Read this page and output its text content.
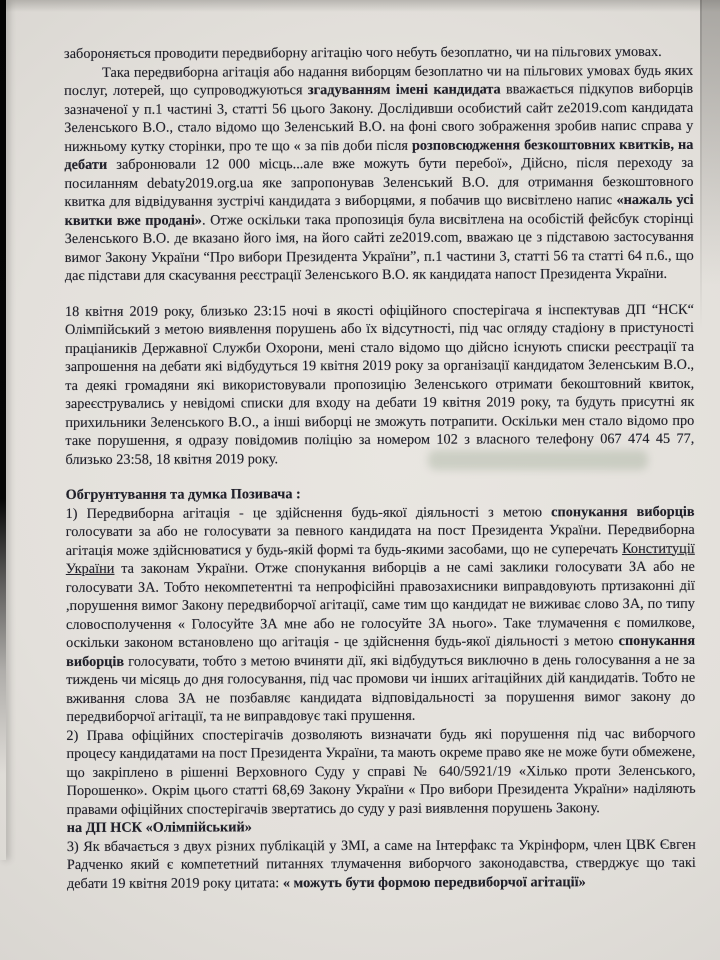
забороняється проводити передвиборну агітацію чого небуть безоплатно, чи на пільгових умовах.

Така передвиборна агітація або надання виборцям безоплатно чи на пільгових умовах будь яких послуг, лотерей, що супроводжуються згадуванням імені кандидата вважається підкупов виборців зазначеної у п.1 частині 3, статті 56 цього Закону. Дослідивши особистий сайт ze2019.com кандидата Зеленського В.О., стало відомо що Зеленський В.О. на фоні свого зображення зробив напис справа у нижньому кутку сторінки, про те що « за пів доби після розповсюдження безкоштовних квитків, на дебати забронювали 12 000 місць...але вже можуть бути перебої», Дійсно, після переходу за посиланням debaty2019.org.ua яке запропонував Зеленський В.О. для отримання безкоштовного квитка для відвідування зустрічі кандидата з виборцями, я побачив що висвітлено напис «нажаль усі квитки вже продані». Отже оскільки така пропозиція була висвітлена на особістій фейсбук сторінці Зеленського В.О. де вказано його імя, на його сайті ze2019.com, вважаю це з підставою застосування вимог Закону України “Про вибори Президента України”, п.1 частини 3, статті 56 та статті 64 п.6., що дає підстави для скасування реєстрації Зеленського В.О. як кандидата напост Президента України.

18 квітня 2019 року, близько 23:15 ночі в якості офіційного спостерігача я інспектував ДП “НСК“ Олімпійський з метою виявлення порушень або їх відсутності, під час огляду стадіону в пристуності праціаників Державної Служби Охорони, мені стало відомо що дійсно існують списки реєстрації та запрошення на дебати які відбудуться 19 квітня 2019 року за організації кандидатом Зеленським В.О., та деякі громадяни які використовували пропозицію Зеленського отримати бекоштовний квиток, зареєструвались у невідомі списки для входу на дебати 19 квітня 2019 року, та будуть присутні як прихильники Зеленського В.О., а інші виборці не зможуть потрапити. Оскільки мен стало відомо про таке порушення, я одразу повідомив поліцію за номером 102 з власного телефону 067 474 45 77, близько 23:58, 18 квітня 2019 року.

Обгрунтування та думка Позивача :

1) Передвиборна агітація - це здійснення будь-якої діяльності з метою спонукання виборців голосувати за або не голосувати за певного кандидата на пост Президента України. Передвиборна агітація може здійснюватися у будь-якій формі та будь-якими засобами, що не суперечать Конституції України та законам України. Отже спонукання виборців а не самі заклики голосувати ЗА або не голосувати ЗА. Тобто некомпетентні та непрофісійні правозахисники виправдовують пртизаконні дії ,порушення вимог Закону передвиборчої агітації, саме тим що кандидат не виживає слово ЗА, по типу словосполучення « Голосуйте ЗА мне або не голосуйте ЗА нього». Таке тлумачення є помилкове, оскільки законом встановлено що агітація - це здійснення будь-якої діяльності з метою спонукання виборців голосувати, тобто з метою вчиняти дії, які відбудуться виключно в день голосування а не за тиждень чи місяць до дня голосування, під час промови чи інших агітаційних дій кандидатів. Тобто не вживання слова ЗА не позбавляє кандидата відповідальності за порушення вимог закону до передвиборчої агітації, та не виправдовує такі прушення.

2) Права офіційних спостерігачів дозволяють визначати будь які порушення під час виборчого процесу кандидатами на пост Президента України, та мають окреме право яке не може бути обмежене, що закріплено в рішенні Верховного Суду у справі № 640/5921/19 «Хілько проти Зеленського, Порошенко». Окрім цього статті 68,69 Закону України « Про вибори Президента України» наділяють правами офіційних спостерігачів звертатись до суду у разі виявлення порушень Закону.

на ДП НСК «Олімпійський»

3) Як вбачається з двух різних публікацій у ЗМІ, а саме на Інтерфакс та Укрінформ, член ЦВК Євген Радченко який є компететний питаннях тлумачення виборчого законодавства, стверджує що такі дебати 19 квітня 2019 року цитата: « можуть бути формою передвиборчої агітації»
